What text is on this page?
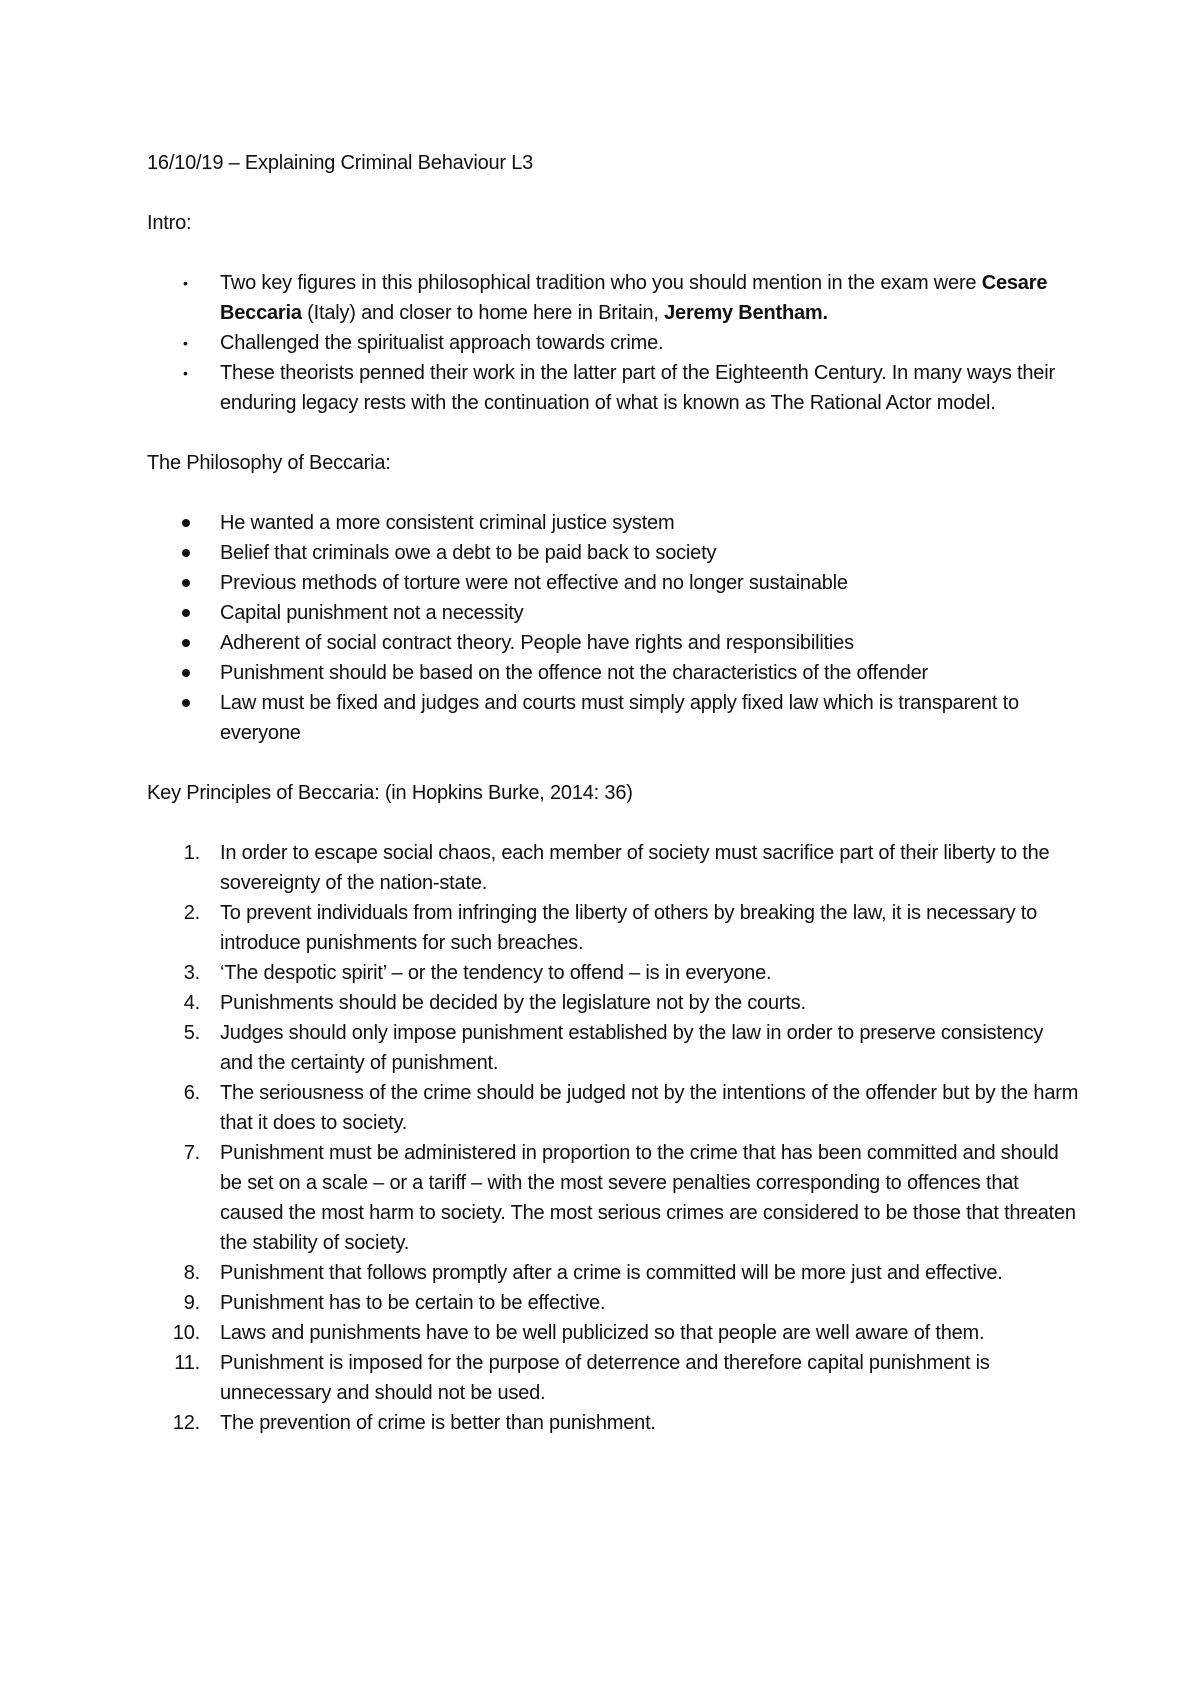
16/10/19 – Explaining Criminal Behaviour L3

Intro:

• Two key figures in this philosophical tradition who you should mention in the exam were Cesare Beccaria (Italy) and closer to home here in Britain, Jeremy Bentham.
• Challenged the spiritualist approach towards crime.
• These theorists penned their work in the latter part of the Eighteenth Century. In many ways their enduring legacy rests with the continuation of what is known as The Rational Actor model.

The Philosophy of Beccaria:

He wanted a more consistent criminal justice system
Belief that criminals owe a debt to be paid back to society
Previous methods of torture were not effective and no longer sustainable
Capital punishment not a necessity
Adherent of social contract theory. People have rights and responsibilities
Punishment should be based on the offence not the characteristics of the offender
Law must be fixed and judges and courts must simply apply fixed law which is transparent to everyone

Key Principles of Beccaria: (in Hopkins Burke, 2014: 36)

1. In order to escape social chaos, each member of society must sacrifice part of their liberty to the sovereignty of the nation-state.
2. To prevent individuals from infringing the liberty of others by breaking the law, it is necessary to introduce punishments for such breaches.
3. ‘The despotic spirit’ – or the tendency to offend – is in everyone.
4. Punishments should be decided by the legislature not by the courts.
5. Judges should only impose punishment established by the law in order to preserve consistency and the certainty of punishment.
6. The seriousness of the crime should be judged not by the intentions of the offender but by the harm that it does to society.
7. Punishment must be administered in proportion to the crime that has been committed and should be set on a scale – or a tariff – with the most severe penalties corresponding to offences that caused the most harm to society. The most serious crimes are considered to be those that threaten the stability of society.
8. Punishment that follows promptly after a crime is committed will be more just and effective.
9. Punishment has to be certain to be effective.
10. Laws and punishments have to be well publicized so that people are well aware of them.
11. Punishment is imposed for the purpose of deterrence and therefore capital punishment is unnecessary and should not be used.
12. The prevention of crime is better than punishment.
